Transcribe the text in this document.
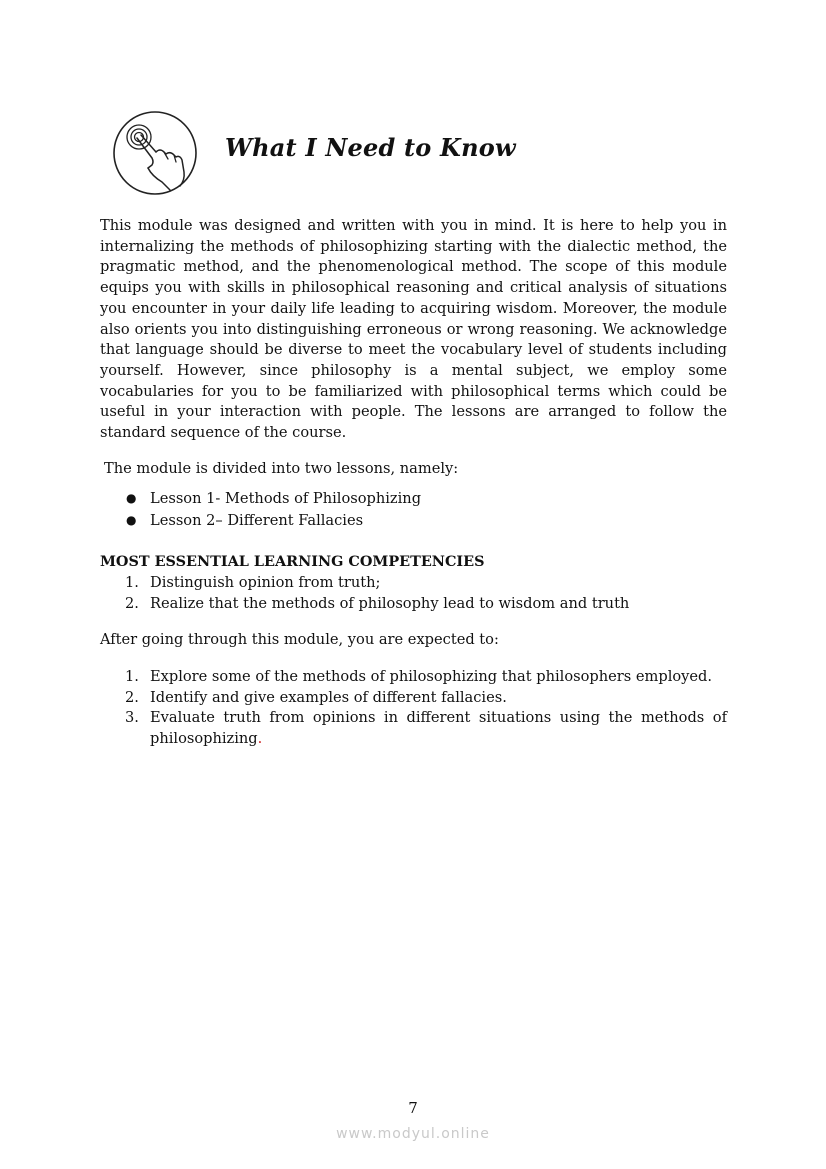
What I Need to Know

This module was designed and written with you in mind. It is here to help you in internalizing the methods of philosophizing starting with the dialectic method, the pragmatic method, and the phenomenological method. The scope of this module equips you with skills in philosophical reasoning and critical analysis of situations you encounter in your daily life leading to acquiring wisdom. Moreover, the module also orients you into distinguishing erroneous or wrong reasoning. We acknowledge that language should be diverse to meet the vocabulary level of students including yourself. However, since philosophy is a mental subject, we employ some vocabularies for you to be familiarized with philosophical terms which could be useful in your interaction with people. The lessons are arranged to follow the standard sequence of the course.

The module is divided into two lessons, namely:

● Lesson 1- Methods of Philosophizing
● Lesson 2– Different Fallacies
MOST ESSENTIAL LEARNING COMPETENCIES
1. Distinguish opinion from truth;
2. Realize that the methods of philosophy lead to wisdom and truth

After going through this module, you are expected to:

1. Explore some of the methods of philosophizing that philosophers employed.
2. Identify and give examples of different fallacies.
3. Evaluate truth from opinions in different situations using the methods of philosophizing.

7

www.modyul.online
